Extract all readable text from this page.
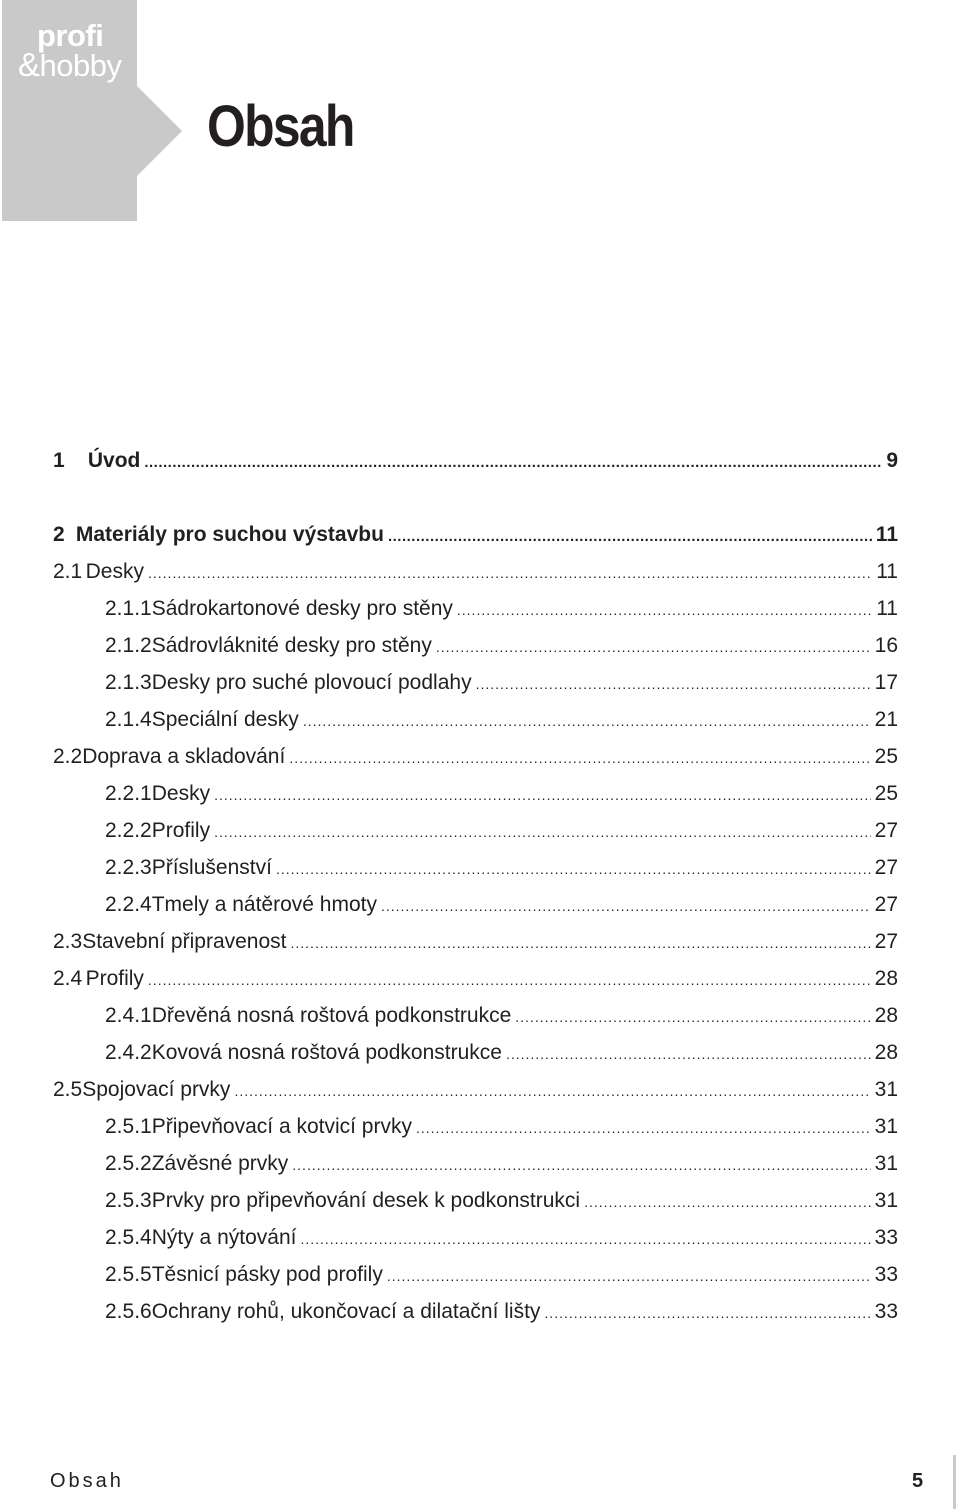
profi
&hobby
Obsah
1	Úvod .....	9
2 Materiály pro suchou výstavbu .....	11
2.1 Desky .....	11
2.1.1 Sádrokartonové desky pro stěny .....	11
2.1.2 Sádrovláknité desky pro stěny .....	16
2.1.3 Desky pro suché plovoucí podlahy .....	17
2.1.4 Speciální desky .....	21
2.2 Doprava a skladování .....	25
2.2.1 Desky .....	25
2.2.2 Profily .....	27
2.2.3 Příslušenství .....	27
2.2.4 Tmely a nátěrové hmoty .....	27
2.3 Stavební připravenost .....	27
2.4 Profily .....	28
2.4.1 Dřevěná nosná roštová podkonstrukce .....	28
2.4.2 Kovová nosná roštová podkonstrukce .....	28
2.5 Spojovací prvky .....	31
2.5.1 Připevňovací a kotvicí prvky .....	31
2.5.2 Závěsné prvky .....	31
2.5.3 Prvky pro připevňování desek k podkonstrukci .....	31
2.5.4 Nýty a nýtování .....	33
2.5.5 Těsnicí pásky pod profily .....	33
2.5.6 Ochrany rohů, ukončovací a dilatační lišty .....	33
Obsah	5
